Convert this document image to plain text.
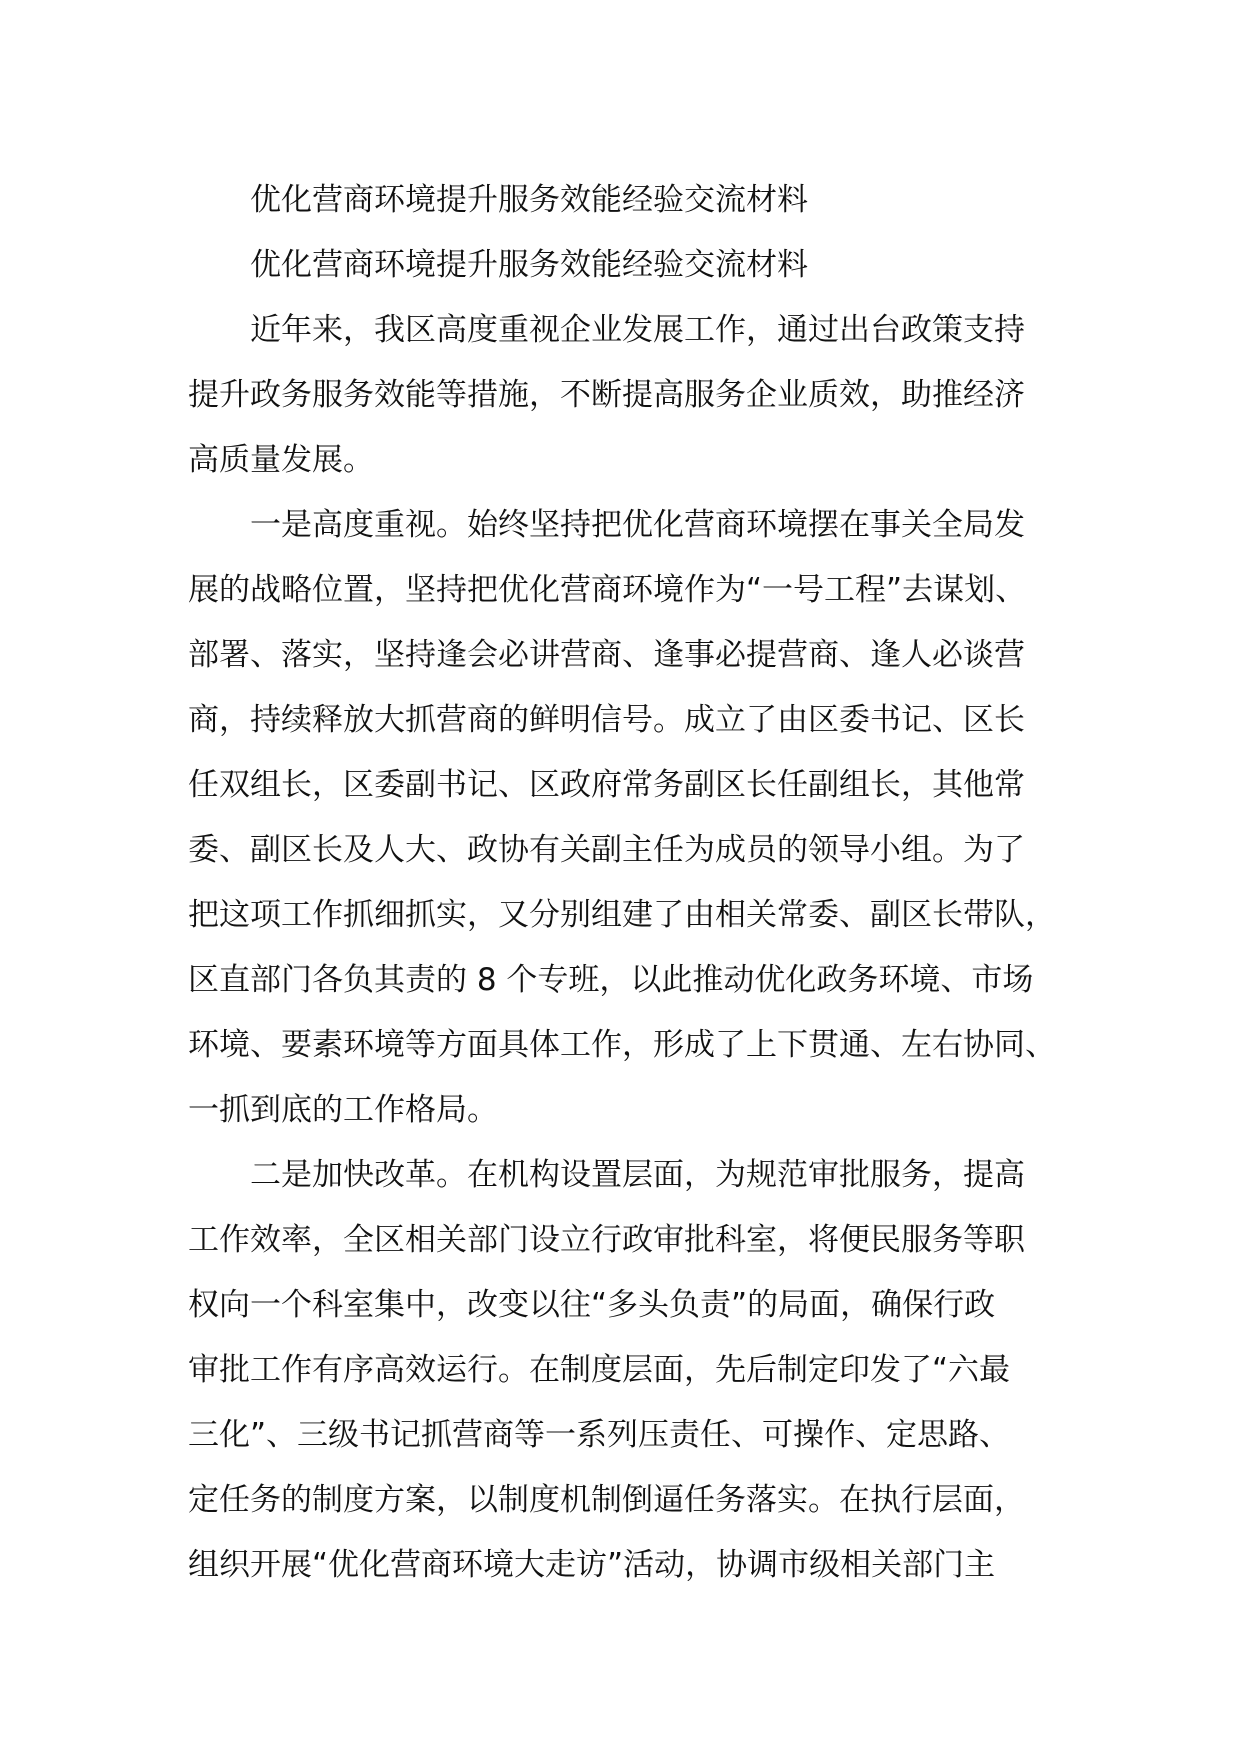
优化营商环境提升服务效能经验交流材料
优化营商环境提升服务效能经验交流材料
近年来，我区高度重视企业发展工作，通过出台政策支持
提升政务服务效能等措施，不断提高服务企业质效，助推经济
高质量发展。
一是高度重视。始终坚持把优化营商环境摆在事关全局发
展的战略位置，坚持把优化营商环境作为“一号工程”去谋划、
部署、落实，坚持逢会必讲营商、逢事必提营商、逢人必谈营
商，持续释放大抓营商的鲜明信号。成立了由区委书记、区长
任双组长，区委副书记、区政府常务副区长任副组长，其他常
委、副区长及人大、政协有关副主任为成员的领导小组。为了
把这项工作抓细抓实，又分别组建了由相关常委、副区长带队，
区直部门各负其责的 8 个专班，以此推动优化政务环境、市场
环境、要素环境等方面具体工作，形成了上下贯通、左右协同、
一抓到底的工作格局。
二是加快改革。在机构设置层面，为规范审批服务，提高
工作效率，全区相关部门设立行政审批科室，将便民服务等职
权向一个科室集中，改变以往“多头负责”的局面，确保行政
审批工作有序高效运行。在制度层面，先后制定印发了“六最
三化”、三级书记抓营商等一系列压责任、可操作、定思路、
定任务的制度方案，以制度机制倒逼任务落实。在执行层面，
组织开展“优化营商环境大走访”活动，协调市级相关部门主
